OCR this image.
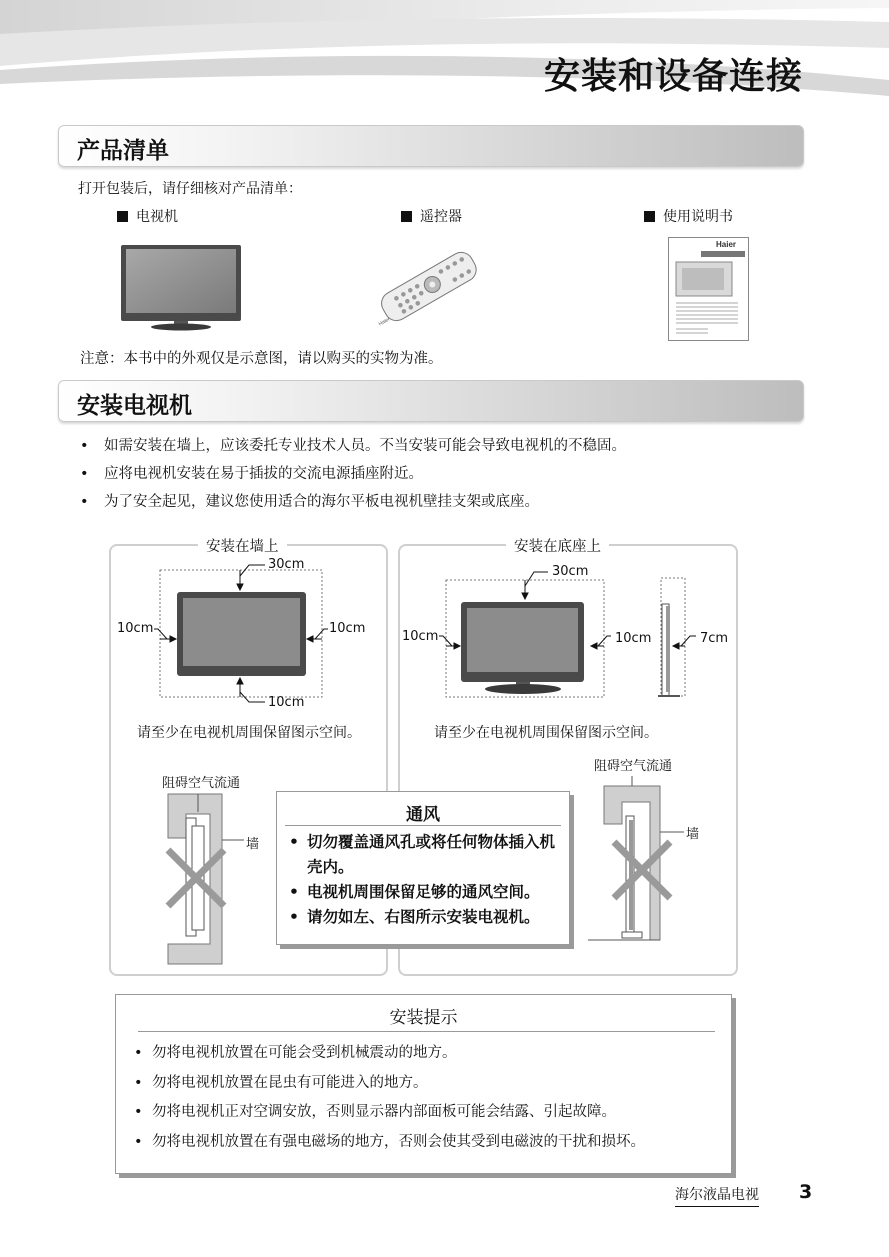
安装和设备连接
产品清单
打开包装后，请仔细核对产品清单：
电视机	遥控器	使用说明书
Haier
Haier
注意：本书中的外观仅是示意图，请以购买的实物为准。
安装电视机
• 如需安装在墙上，应该委托专业技术人员。不当安装可能会导致电视机的不稳固。
• 应将电视机安装在易于插拔的交流电源插座附近。
• 为了安全起见，建议您使用适合的海尔平板电视机壁挂支架或底座。
安装在墙上
30cm
10cm	10cm
10cm
请至少在电视机周围保留图示空间。
阻碍空气流通
墙
安装在底座上
30cm
10cm	10cm	7cm
请至少在电视机周围保留图示空间。
阻碍空气流通
墙
通风
• 切勿覆盖通风孔或将任何物体插入机壳内。
• 电视机周围保留足够的通风空间。
• 请勿如左、右图所示安装电视机。
安装提示
• 勿将电视机放置在可能会受到机械震动的地方。
• 勿将电视机放置在昆虫有可能进入的地方。
• 勿将电视机正对空调安放，否则显示器内部面板可能会结露、引起故障。
• 勿将电视机放置在有强电磁场的地方，否则会使其受到电磁波的干扰和损坏。
海尔液晶电视 3
